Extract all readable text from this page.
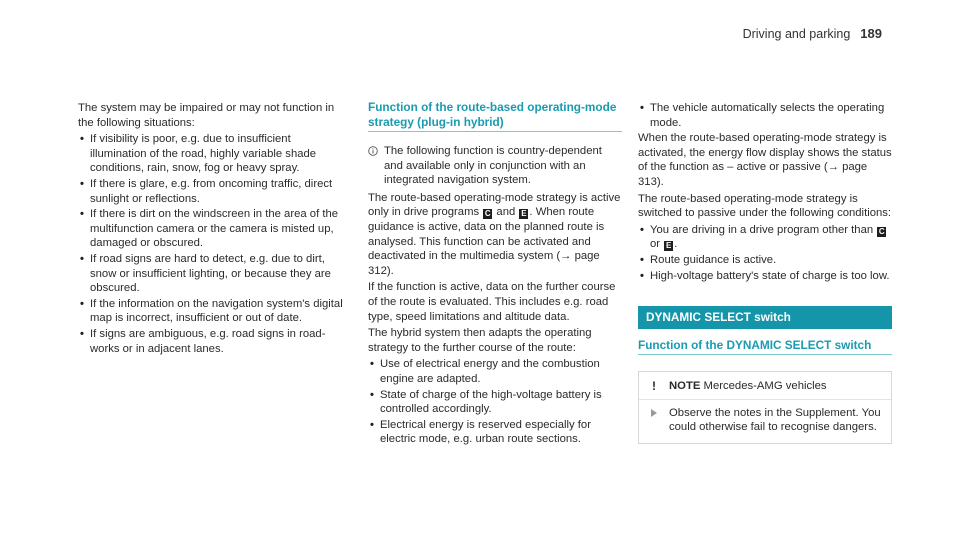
Driving and parking 189

The system may be impaired or may not function in the following situations:

• If visibility is poor, e.g. due to insufficient illumination of the road, highly variable shade conditions, rain, snow, fog or heavy spray.
• If there is glare, e.g. from oncoming traffic, direct sunlight or reflections.
• If there is dirt on the windscreen in the area of the multifunction camera or the camera is misted up, damaged or obscured.
• If road signs are hard to detect, e.g. due to dirt, snow or insufficient lighting, or because they are obscured.
• If the information on the navigation system's digital map is incorrect, insufficient or out of date.
• If signs are ambiguous, e.g. road signs in road-works or in adjacent lanes.
Function of the route-based operating-mode strategy (plug-in hybrid)
The following function is country-dependent and available only in conjunction with an integrated navigation system.

The route-based operating-mode strategy is active only in drive programs C and E . When route guidance is active, data on the planned route is analysed. This function can be activated and deactivated in the multimedia system (→ page 312).

If the function is active, data on the further course of the route is evaluated. This includes e.g. road type, speed limitations and altitude data.

The hybrid system then adapts the operating strategy to the further course of the route:

• Use of electrical energy and the combustion engine are adapted.
• State of charge of the high-voltage battery is controlled accordingly.
• Electrical energy is reserved especially for electric mode, e.g. urban route sections.
• The vehicle automatically selects the operating mode.

When the route-based operating-mode strategy is activated, the energy flow display shows the status of the function as – active or passive (→ page 313).

The route-based operating-mode strategy is switched to passive under the following conditions:

• You are driving in a drive program other than C or E .
• Route guidance is active.
• High-voltage battery's state of charge is too low.
DYNAMIC SELECT switch
Function of the DYNAMIC SELECT switch
! NOTE Mercedes-AMG vehicles
Observe the notes in the Supplement. You could otherwise fail to recognise dangers.
